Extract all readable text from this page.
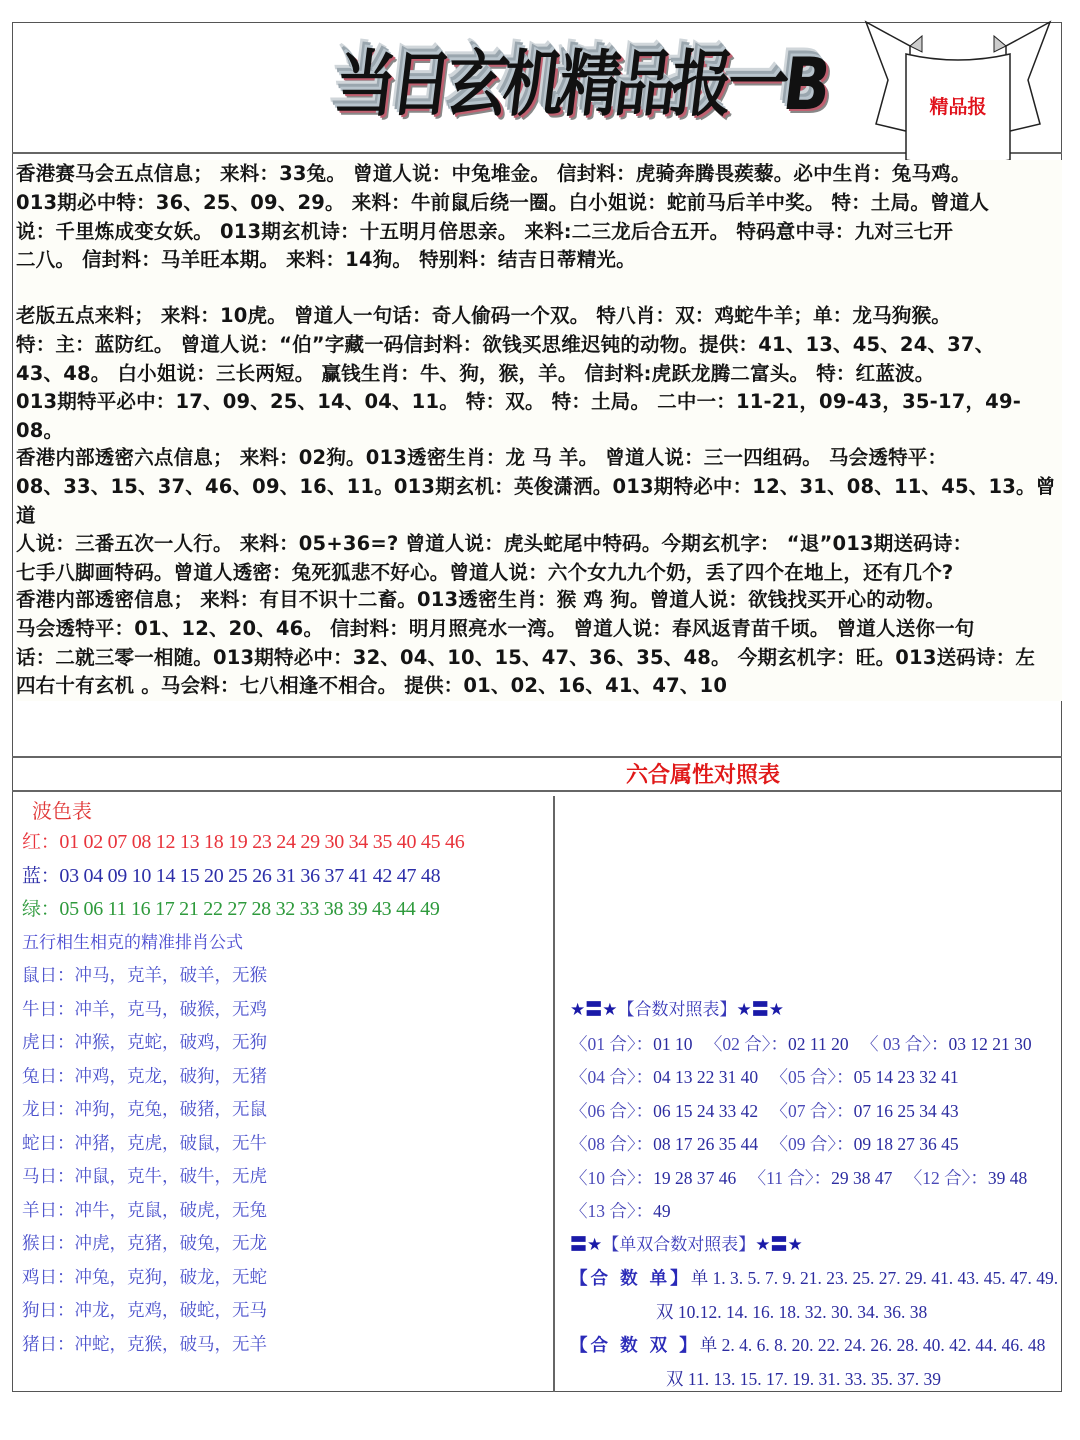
当日玄机精品报一B	精品报
香港赛马会五点信息； 来料：33兔。 曾道人说：中兔堆金。 信封料：虎骑奔腾畏蒺藜。必中生肖：兔马鸡。
013期必中特：36、25、09、29。 来料：牛前鼠后绕一圈。白小姐说：蛇前马后羊中奖。 特：土局。曾道人
说：千里炼成变女妖。 013期玄机诗：十五明月倍思亲。 来料:二三龙后合五开。 特码意中寻：九对三七开
二八。 信封料：马羊旺本期。 来料：14狗。 特别料：结吉日蒂精光。
老版五点来料； 来料：10虎。 曾道人一句话：奇人偷码一个双。 特八肖：双：鸡蛇牛羊；单：龙马狗猴。
特：主：蓝防红。 曾道人说：“伯”字藏一码信封料：欲钱买思维迟钝的动物。提供：41、13、45、24、37、
43、48。 白小姐说：三长两短。 赢钱生肖：牛、狗，猴，羊。 信封料:虎跃龙腾二富头。 特：红蓝波。
013期特平必中：17、09、25、14、04、11。 特：双。 特：土局。 二中一：11-21，09-43，35-17，49-08。
香港内部透密六点信息； 来料：02狗。013透密生肖：龙 马 羊。 曾道人说：三一四组码。 马会透特平：
08、33、15、37、46、09、16、11。013期玄机：英俊潇洒。013期特必中：12、31、08、11、45、13。曾道
人说：三番五次一人行。 来料：05+36=? 曾道人说：虎头蛇尾中特码。今期玄机字： “退”013期送码诗：
七手八脚画特码。曾道人透密：兔死狐悲不好心。曾道人说：六个女九九个奶，丢了四个在地上，还有几个?
香港内部透密信息； 来料：有目不识十二畜。013透密生肖：猴 鸡 狗。曾道人说：欲钱找买开心的动物。
马会透特平：01、12、20、46。 信封料：明月照亮水一湾。 曾道人说：春风返青苗千顷。 曾道人送你一句
话：二就三零一相随。013期特必中：32、04、10、15、47、36、35、48。 今期玄机字：旺。013送码诗：左
四右十有玄机 。马会料：七八相逢不相合。 提供：01、02、16、41、47、10
六合属性对照表
波色表
红：01 02 07 08 12 13 18 19 23 24 29 30 34 35 40 45 46
蓝：03 04 09 10 14 15 20 25 26 31 36 37 41 42 47 48
绿：05 06 11 16 17 21 22 27 28 32 33 38 39 43 44 49
五行相生相克的精准排肖公式
鼠日：冲马，克羊，破羊，无猴
牛日：冲羊，克马，破猴，无鸡
虎日：冲猴，克蛇，破鸡，无狗
兔日：冲鸡，克龙，破狗，无猪
龙日：冲狗，克兔，破猪，无鼠
蛇日：冲猪，克虎，破鼠，无牛
马日：冲鼠，克牛，破牛，无虎
羊日：冲牛，克鼠，破虎，无兔
猴日：冲虎，克猪，破兔，无龙
鸡日：冲兔，克狗，破龙，无蛇
狗日：冲龙，克鸡，破蛇，无马
猪日：冲蛇，克猴，破马，无羊
★〓★【合数对照表】★〓★
〈01 合〉：01 10 〈02 合〉：02 11 20 〈 03 合〉：03 12 21 30
〈04 合〉：04 13 22 31 40 〈05 合〉：05 14 23 32 41
〈06 合〉：06 15 24 33 42 〈07 合〉：07 16 25 34 43
〈08 合〉：08 17 26 35 44 〈09 合〉：09 18 27 36 45
〈10 合〉：19 28 37 46 〈11 合〉：29 38 47 〈12 合〉：39 48
〈13 合〉：49
〓★【单双合数对照表】★〓★
【合 数 单】单 1. 3. 5. 7. 9. 21. 23. 25. 27. 29. 41. 43. 45. 47. 49.
双 10.12. 14. 16. 18. 32. 30. 34. 36. 38
【合 数 双 】单 2. 4. 6. 8. 20. 22. 24. 26. 28. 40. 42. 44. 46. 48
双 11. 13. 15. 17. 19. 31. 33. 35. 37. 39
